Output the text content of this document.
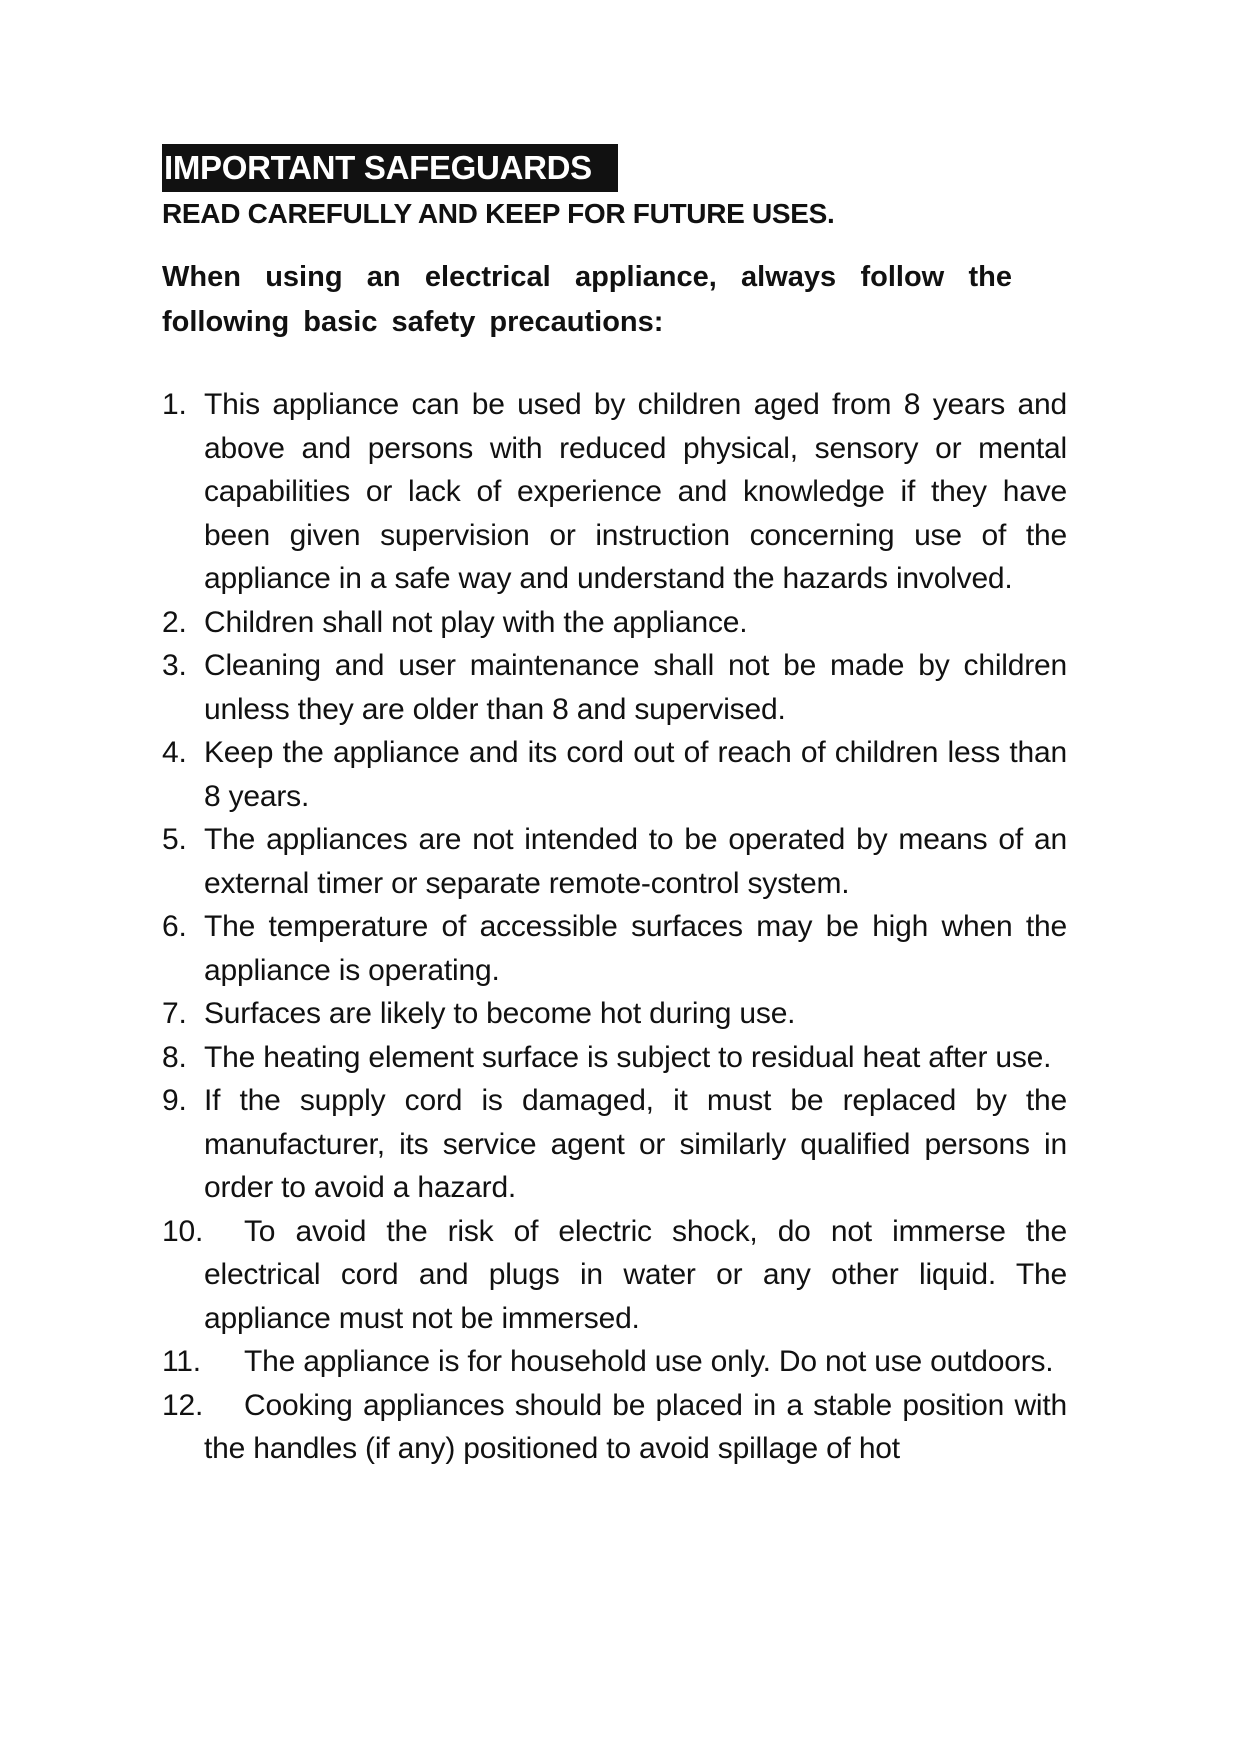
IMPORTANT SAFEGUARDS
READ CAREFULLY AND KEEP FOR FUTURE USES.
When using an electrical appliance, always follow the following basic safety precautions:
1. This appliance can be used by children aged from 8 years and above and persons with reduced physical, sensory or mental capabilities or lack of experience and knowledge if they have been given supervision or instruction concerning use of the appliance in a safe way and understand the hazards involved.
2. Children shall not play with the appliance.
3. Cleaning and user maintenance shall not be made by children unless they are older than 8 and supervised.
4. Keep the appliance and its cord out of reach of children less than 8 years.
5. The appliances are not intended to be operated by means of an external timer or separate remote-control system.
6. The temperature of accessible surfaces may be high when the appliance is operating.
7. Surfaces are likely to become hot during use.
8. The heating element surface is subject to residual heat after use.
9. If the supply cord is damaged, it must be replaced by the manufacturer, its service agent or similarly qualified persons in order to avoid a hazard.
10. To avoid the risk of electric shock, do not immerse the electrical cord and plugs in water or any other liquid. The appliance must not be immersed.
11. The appliance is for household use only. Do not use outdoors.
12. Cooking appliances should be placed in a stable position with the handles (if any) positioned to avoid spillage of hot
